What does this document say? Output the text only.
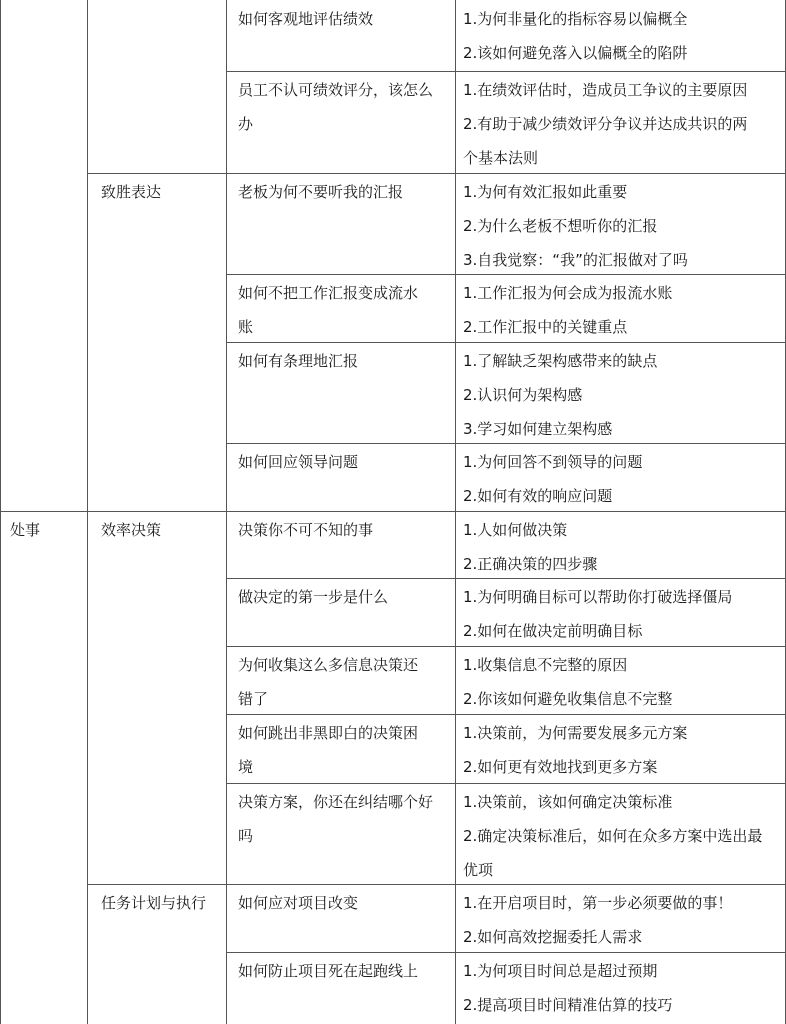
如何客观地评估绩效	1.为何非量化的指标容易以偏概全
2.该如何避免落入以偏概全的陷阱
员工不认可绩效评分，该怎么
办
1.在绩效评估时，造成员工争议的主要原因
2.有助于减少绩效评分争议并达成共识的两
个基本法则
致胜表达	老板为何不要听我的汇报	1.为何有效汇报如此重要
2.为什么老板不想听你的汇报
3.自我觉察：“我”的汇报做对了吗
如何不把工作汇报变成流水
账
1.工作汇报为何会成为报流水账
2.工作汇报中的关键重点
如何有条理地汇报	1.了解缺乏架构感带来的缺点
2.认识何为架构感
3.学习如何建立架构感
如何回应领导问题	1.为何回答不到领导的问题
2.如何有效的响应问题
处事	效率决策	决策你不可不知的事	1.人如何做决策
2.正确决策的四步骤
做决定的第一步是什么	1.为何明确目标可以帮助你打破选择僵局
2.如何在做决定前明确目标
为何收集这么多信息决策还
错了
1.收集信息不完整的原因
2.你该如何避免收集信息不完整
如何跳出非黑即白的决策困
境
1.决策前，为何需要发展多元方案
2.如何更有效地找到更多方案
决策方案，你还在纠结哪个好
吗
1.决策前，该如何确定决策标准
2.确定决策标准后，如何在众多方案中选出最
优项
任务计划与执行	如何应对项目改变	1.在开启项目时，第一步必须要做的事！
2.如何高效挖掘委托人需求
如何防止项目死在起跑线上	1.为何项目时间总是超过预期
2.提高项目时间精准估算的技巧
